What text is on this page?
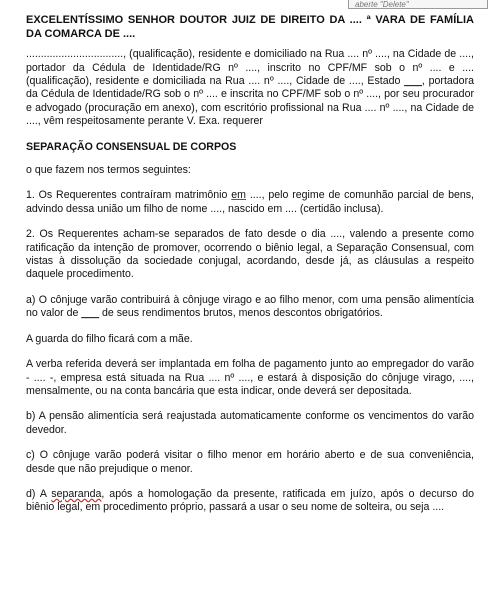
aberte "Delete"
EXCELENTÍSSIMO SENHOR DOUTOR JUIZ DE DIREITO DA .... ª VARA DE FAMÍLIA DA COMARCA DE ....
................................., (qualificação), residente e domiciliado na Rua .... nº ...., na Cidade de ...., portador da Cédula de Identidade/RG nº ...., inscrito no CPF/MF sob o nº .... e .... (qualificação), residente e domiciliada na Rua .... nº ...., Cidade de ...., Estado ___, portadora da Cédula de Identidade/RG sob o nº .... e inscrita no CPF/MF sob o nº ...., por seu procurador e advogado (procuração em anexo), com escritório profissional na Rua .... nº ...., na Cidade de ...., vêm respeitosamente perante V. Exa. requerer
SEPARAÇÃO CONSENSUAL DE CORPOS
o que fazem nos termos seguintes:
1. Os Requerentes contraíram matrimônio em ...., pelo regime de comunhão parcial de bens, advindo dessa união um filho de nome ...., nascido em .... (certidão inclusa).
2. Os Requerentes acham-se separados de fato desde o dia ...., valendo a presente como ratificação da intenção de promover, ocorrendo o biênio legal, a Separação Consensual, com vistas à dissolução da sociedade conjugal, acordando, desde já, as cláusulas a respeito daquele procedimento.
a) O cônjuge varão contribuirá à cônjuge virago e ao filho menor, com uma pensão alimentícia no valor de ___ de seus rendimentos brutos, menos descontos obrigatórios.
A guarda do filho ficará com a mãe.
A verba referida deverá ser implantada em folha de pagamento junto ao empregador do varão - .... -, empresa está situada na Rua .... nº ...., e estará à disposição do cônjuge virago, ...., mensalmente, ou na conta bancária que esta indicar, onde deverá ser depositada.
b) A pensão alimentícia será reajustada automaticamente conforme os vencimentos do varão devedor.
c) O cônjuge varão poderá visitar o filho menor em horário aberto e de sua conveniência, desde que não prejudique o menor.
d) A separanda, após a homologação da presente, ratificada em juízo, após o decurso do biênio legal, em procedimento próprio, passará a usar o seu nome de solteira, ou seja ....
